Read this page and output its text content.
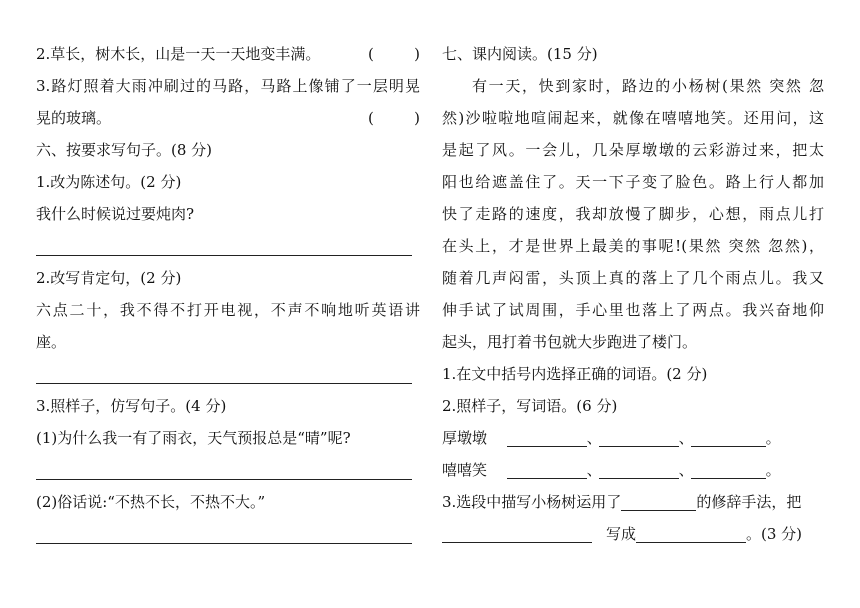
2.草长，树木长，山是一天一天地变丰满。	(	)
3.路灯照着大雨冲刷过的马路，马路上像铺了一层明晃
晃的玻璃。	(	)
六、按要求写句子。(8 分)
1.改为陈述句。(2 分)
我什么时候说过要炖肉?
2.改写肯定句，(2 分)
六点二十，我不得不打开电视，不声不响地听英语讲
座。
3.照样子，仿写句子。(4 分)
(1)为什么我一有了雨衣，天气预报总是“晴”呢?
(2)俗话说:“不热不长，不热不大。”
七、课内阅读。(15 分)
有一天，快到家时，路边的小杨树(果然 突然 忽
然)沙啦啦地喧闹起来，就像在嘻嘻地笑。还用问，这
是起了风。一会儿，几朵厚墩墩的云彩游过来，把太
阳也给遮盖住了。天一下子变了脸色。路上行人都加
快了走路的速度，我却放慢了脚步，心想，雨点儿打
在头上，才是世界上最美的事呢!(果然 突然 忽然)，
随着几声闷雷，头顶上真的落上了几个雨点儿。我又
伸手试了试周围，手心里也落上了两点。我兴奋地仰
起头，甩打着书包就大步跑进了楼门。
1.在文中括号内选择正确的词语。(2 分)
2.照样子，写词语。(6 分)
厚墩墩	、	、	。
嘻嘻笑	、	、	。
3.选段中描写小杨树运用了	的修辞手法，把
写成	。(3 分)
